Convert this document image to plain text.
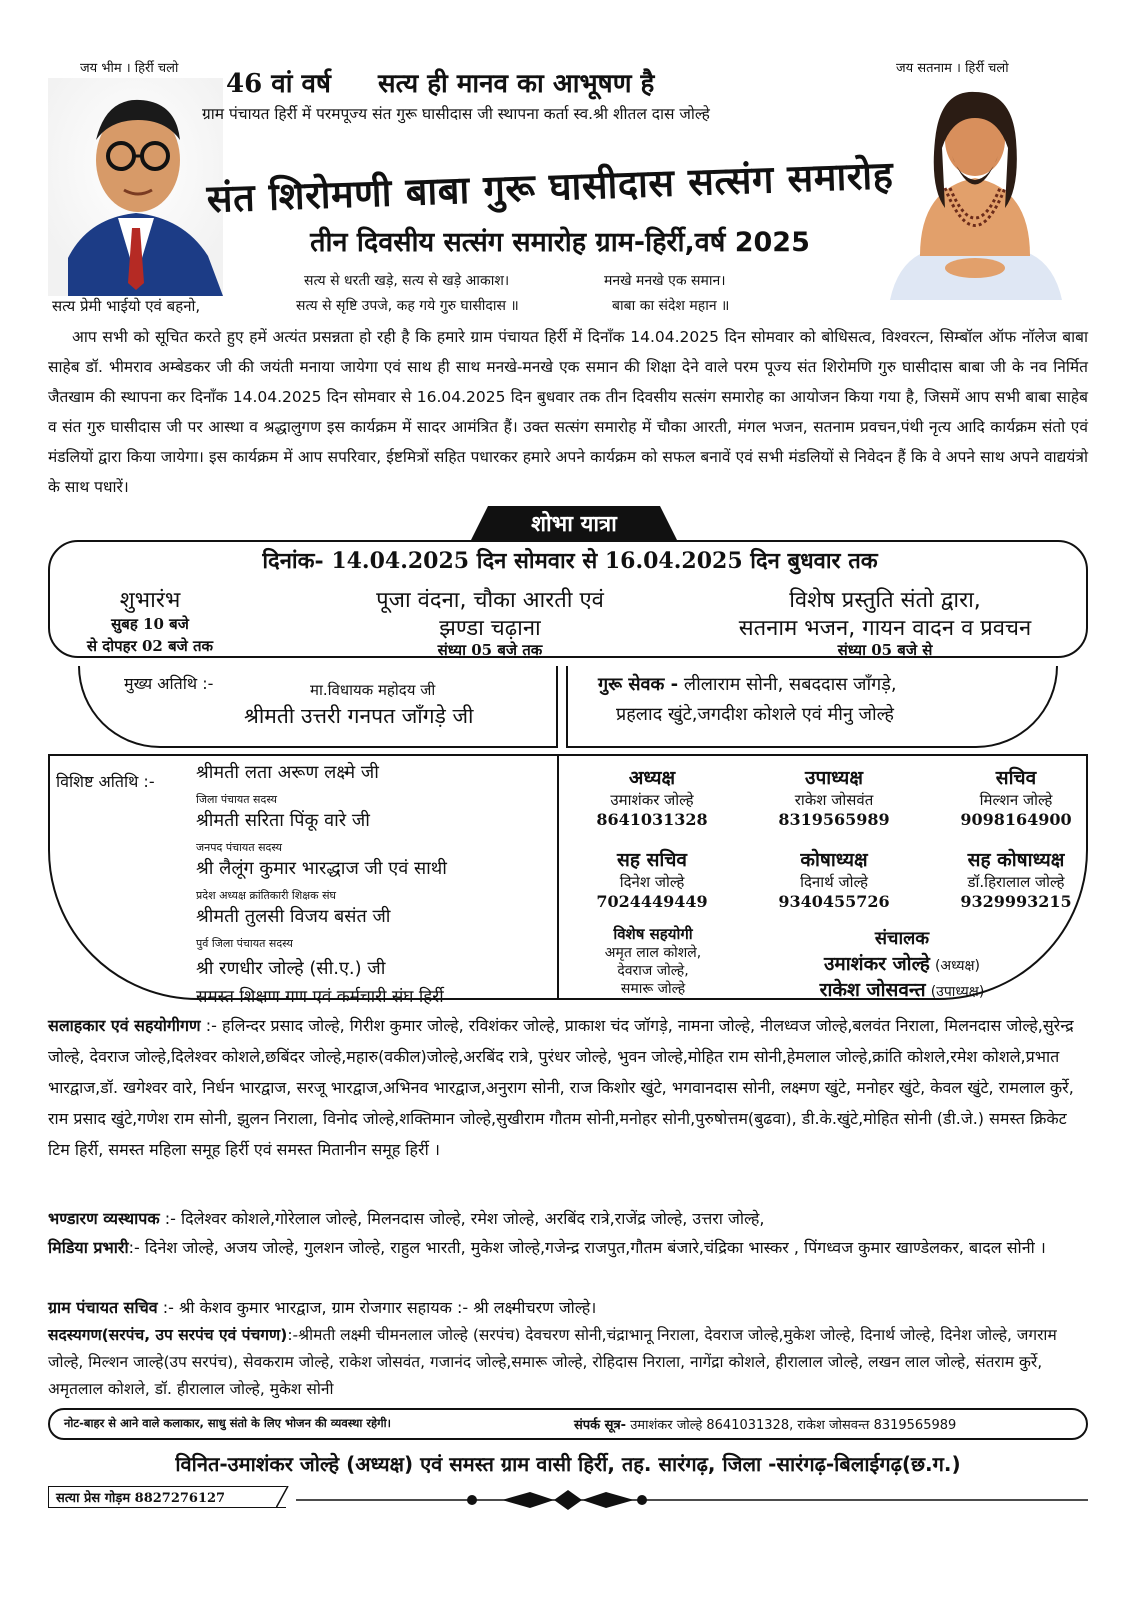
जय भीम । हिर्री चलो	जय सतनाम । हिर्री चलो
46 वां वर्ष सत्य ही मानव का आभूषण है
ग्राम पंचायत हिर्री में परमपूज्य संत गुरू घासीदास जी स्थापना कर्ता स्व.श्री शीतल दास जोल्हे
संत शिरोमणी बाबा गुरू घासीदास सत्संग समारोह
तीन दिवसीय सत्संग समारोह ग्राम-हिर्री,वर्ष 2025
सत्य से धरती खड़े, सत्य से खड़े आकाश।
सत्य से सृष्टि उपजे, कह गये गुरु घासीदास ॥
मनखे मनखे एक समान।
बाबा का संदेश महान ॥
सत्य प्रेमी भाईयो एवं बहनो,
आप सभी को सूचित करते हुए हमें अत्यंत प्रसन्नता हो रही है कि हमारे ग्राम पंचायत हिर्री में दिनाँक 14.04.2025 दिन सोमवार को बोधिसत्व, विश्वरत्न, सिम्बॉल ऑफ नॉलेज बाबा साहेब डॉ. भीमराव अम्बेडकर जी की जयंती मनाया जायेगा एवं साथ ही साथ मनखे-मनखे एक समान की शिक्षा देने वाले परम पूज्य संत शिरोमणि गुरु घासीदास बाबा जी के नव निर्मित जैतखाम की स्थापना कर दिनाँक 14.04.2025 दिन सोमवार से 16.04.2025 दिन बुधवार तक तीन दिवसीय सत्संग समारोह का आयोजन किया गया है, जिसमें आप सभी बाबा साहेब व संत गुरु घासीदास जी पर आस्था व श्रद्धालुगण इस कार्यक्रम में सादर आमंत्रित हैं। उक्त सत्संग समारोह में चौका आरती, मंगल भजन, सतनाम प्रवचन,पंथी नृत्य आदि कार्यक्रम संतो एवं मंडलियों द्वारा किया जायेगा। इस कार्यक्रम में आप सपरिवार, ईष्टमित्रों सहित पधारकर हमारे अपने कार्यक्रम को सफल बनावें एवं सभी मंडलियों से निवेदन हैं कि वे अपने साथ अपने वाद्ययंत्रो के साथ पधारें।
शोभा यात्रा
दिनांक- 14.04.2025 दिन सोमवार से 16.04.2025 दिन बुधवार तक
शुभारंभ
सुबह 10 बजे
से दोपहर 02 बजे तक
पूजा वंदना, चौका आरती एवं
झण्डा चढ़ाना
संध्या 05 बजे तक
विशेष प्रस्तुति संतो द्वारा,
सतनाम भजन, गायन वादन व प्रवचन
संध्या 05 बजे से
मुख्य अतिथि :-	मा.विधायक महोदय जी
श्रीमती उत्तरी गनपत जाँगड़े जी
गुरू सेवक - लीलाराम सोनी, सबददास जाँगड़े,
प्रहलाद खुंटे,जगदीश कोशले एवं मीनु जोल्हे
विशिष्ट अतिथि :- श्रीमती लता अरूण लक्ष्मे जी
जिला पंचायत सदस्य
श्रीमती सरिता पिंकू वारे जी
जनपद पंचायत सदस्य
श्री लैलूंग कुमार भारद्धाज जी एवं साथी
प्रदेश अध्यक्ष क्रांतिकारी शिक्षक संघ
श्रीमती तुलसी विजय बसंत जी
पुर्व जिला पंचायत सदस्य
श्री रणधीर जोल्हे (सी.ए.) जी
समस्त शिक्षण गण एवं कर्मचारी संघ हिर्री
अध्यक्ष
उमाशंकर जोल्हे
8641031328
उपाध्यक्ष
राकेश जोसवंत
8319565989
सचिव
मिल्शन जोल्हे
9098164900
सह सचिव
दिनेश जोल्हे
7024449449
कोषाध्यक्ष
दिनार्थ जोल्हे
9340455726
सह कोषाध्यक्ष
डॉ.हिरालाल जोल्हे
9329993215
विशेष सहयोगी
अमृत लाल कोशले,
देवराज जोल्हे,
समारू जोल्हे
संचालक
उमाशंकर जोल्हे (अध्यक्ष)
राकेश जोसवन्त (उपाध्यक्ष)
सलाहकार एवं सहयोगीगण :- हलिन्दर प्रसाद जोल्हे, गिरीश कुमार जोल्हे, रविशंकर जोल्हे, प्राकाश चंद जॉगड़े, नामना जोल्हे, नीलध्वज जोल्हे,बलवंत निराला, मिलनदास जोल्हे,सुरेन्द्र जोल्हे, देवराज जोल्हे,दिलेश्वर कोशले,छबिंदर जोल्हे,महारु(वकील)जोल्हे,अरबिंद रात्रे, पुरंधर जोल्हे, भुवन जोल्हे,मोहित राम सोनी,हेमलाल जोल्हे,क्रांति कोशले,रमेश कोशले,प्रभात भारद्वाज,डॉ. खगेश्वर वारे, निर्धन भारद्वाज, सरजू भारद्वाज,अभिनव भारद्वाज,अनुराग सोनी, राज किशोर खुंटे, भगवानदास सोनी, लक्ष्मण खुंटे, मनोहर खुंटे, केवल खुंटे, रामलाल कुर्रे, राम प्रसाद खुंटे,गणेश राम सोनी, झुलन निराला, विनोद जोल्हे,शक्तिमान जोल्हे,सुखीराम गौतम सोनी,मनोहर सोनी,पुरुषोत्तम(बुढवा), डी.के.खुंटे,मोहित सोनी (डी.जे.) समस्त क्रिकेट टिम हिर्री, समस्त महिला समूह हिर्री एवं समस्त मितानीन समूह हिर्री ।
भण्डारण व्यस्थापक :- दिलेश्वर कोशले,गोरेलाल जोल्हे, मिलनदास जोल्हे, रमेश जोल्हे, अरबिंद रात्रे,राजेंद्र जोल्हे, उत्तरा जोल्हे,
मिडिया प्रभारी:- दिनेश जोल्हे, अजय जोल्हे, गुलशन जोल्हे, राहुल भारती, मुकेश जोल्हे,गजेन्द्र राजपुत,गौतम बंजारे,चंद्रिका भास्कर , पिंगध्वज कुमार खाण्डेलकर, बादल सोनी ।
ग्राम पंचायत सचिव :- श्री केशव कुमार भारद्वाज, ग्राम रोजगार सहायक :- श्री लक्ष्मीचरण जोल्हे।
सदस्यगण(सरपंच, उप सरपंच एवं पंचगण):-श्रीमती लक्ष्मी चीमनलाल जोल्हे (सरपंच) देवचरण सोनी,चंद्राभानू निराला, देवराज जोल्हे,मुकेश जोल्हे, दिनार्थ जोल्हे, दिनेश जोल्हे, जगराम जोल्हे, मिल्शन जाल्हे(उप सरपंच), सेवकराम जोल्हे, राकेश जोसवंत, गजानंद जोल्हे,समारू जोल्हे, रोहिदास निराला, नागेंद्रा कोशले, हीरालाल जोल्हे, लखन लाल जोल्हे, संतराम कुर्रे, अमृतलाल कोशले, डॉ. हीरालाल जोल्हे, मुकेश सोनी
नोट-बाहर से आने वाले कलाकार, साधु संतो के लिए भोजन की व्यवस्था रहेगी।	संपर्क सूत्र- उमाशंकर जोल्हे 8641031328, राकेश जोसवन्त 8319565989
विनित-उमाशंकर जोल्हे (अध्यक्ष) एवं समस्त ग्राम वासी हिर्री, तह. सारंगढ़, जिला -सारंगढ़-बिलाईगढ़(छ.ग.)
सत्या प्रेस गोड़म 8827276127
